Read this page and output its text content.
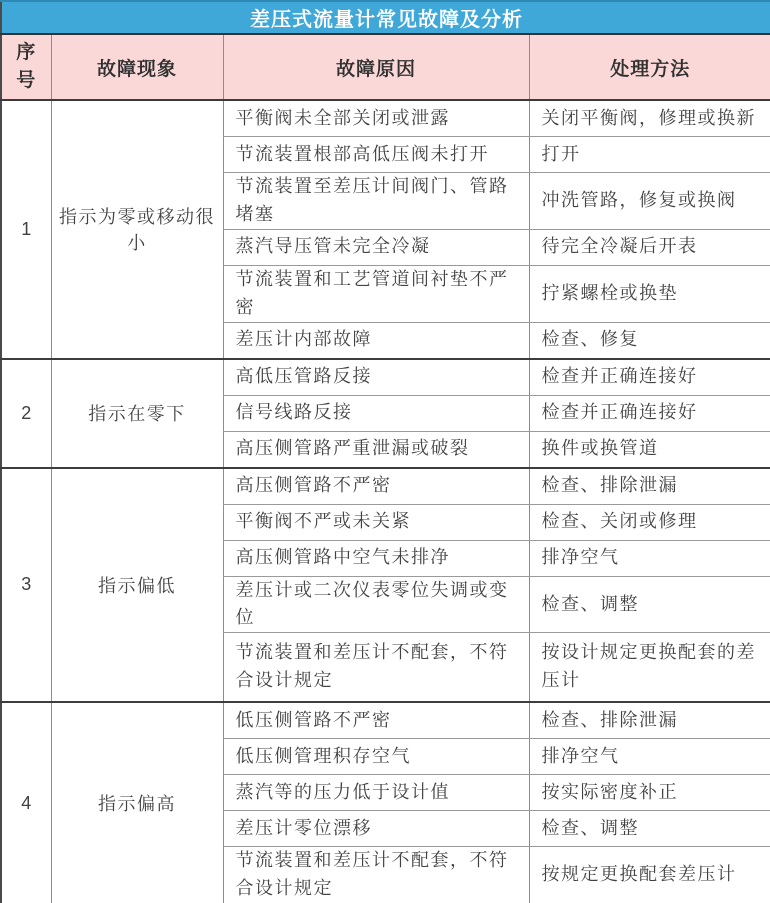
差压式流量计常见故障及分析			
序号	故障现象	故障原因	处理方法
1	指示为零或移动很小	平衡阀未全部关闭或泄露	关闭平衡阀，修理或换新
		节流装置根部高低压阀未打开	打开
		节流装置至差压计间阀门、管路堵塞	冲洗管路，修复或换阀
		蒸汽导压管未完全冷凝	待完全冷凝后开表
		节流装置和工艺管道间衬垫不严密	拧紧螺栓或换垫
		差压计内部故障	检查、修复
2	指示在零下	高低压管路反接	检查并正确连接好
		信号线路反接	检查并正确连接好
		高压侧管路严重泄漏或破裂	换件或换管道
3	指示偏低	高压侧管路不严密	检查、排除泄漏
		平衡阀不严或未关紧	检查、关闭或修理
		高压侧管路中空气未排净	排净空气
		差压计或二次仪表零位失调或变位	检查、调整
		节流装置和差压计不配套，不符合设计规定	按设计规定更换配套的差压计
4	指示偏高	低压侧管路不严密	检查、排除泄漏
		低压侧管理积存空气	排净空气
		蒸汽等的压力低于设计值	按实际密度补正
		差压计零位漂移	检查、调整
		节流装置和差压计不配套，不符合设计规定	按规定更换配套差压计
